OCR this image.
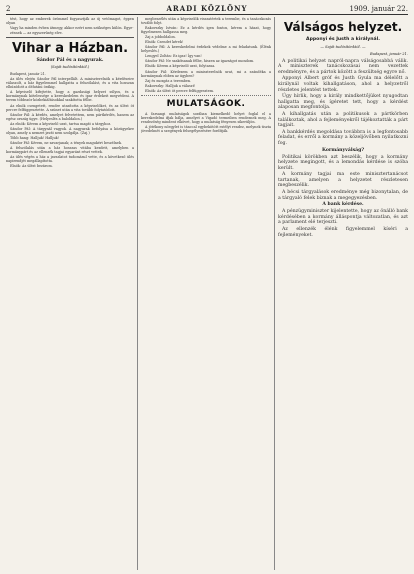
2	ARADI KÖZLÖNY	1909. január 22.
tést, hogy az emberek örömmel fogyasztják az új vetőmagot, éppen olyan
Vagy ha minden évben átmegy, akkor ezért nem szükséges külön. Egye-
zésnek — az egyszerűség elve.
Vihar a Házban.
Sándor Pál és a nagyurak.
(Saját tudósítónktól.)
Budapest, január 21.
Az ülés elején Sándor Pál interpellált. A miniszterelnök a kérdéseire válaszolt, a ház figyelemmel hallgatta a felszólalást, és a vita hosszan elhúzódott a délutáni órákig.
A képviselő kifejtette, hogy a gazdasági helyzet súlyos, és a kormánynak kötelessége a kereskedelem és ipar érdekeit megvédeni. A terem többször közbekiáltásokkal szakította félbe.
Az elnök csengetett, rendre utasította a képviselőket, és az ülést öt percre felfüggesztette. A szünet után a vita tovább folytatódott.
Sándor Pál: A kérdés, amelyet felvetettem, nem pártkérdés, hanem az egész ország ügye. (Helyeslés a baloldalon.)
Az elnök: Kérem a képviselő urat, tartsa magát a tárgyhoz.
Sándor Pál: A tárgynál vagyok. A nagyurak befolyása a közügyekre olyan, amely a nemzet javát nem szolgálja. (Zaj.)
Több hang: Halljuk! Halljuk!
Sándor Pál: Kérem, ne zavarjanak; a tények magukért beszélnek.
A felszólalás után a ház hosszas vitába kezdett, amelyben a kormánypárt és az ellenzék tagjai egyaránt részt vettek.
Az ülés végén a ház a javaslatot tudomásul vette, és a következő ülés napirendjét megállapította.
Elnök: Az ülést bezárom.
megbeszélés után a képviselők visszatértek a terembe, és a tanácskozás tovább folyt.
Rakovszky István: Ez a kérdés igen fontos, kérem a házat, hogy figyelmesen hallgassa meg.
Zaj a jobboldalon.
Elnök: Csendet kérek!
Sándor Pál: A kereskedelmi érdekek védelme a mi feladatunk. (Élénk helyeslés.)
Lengyel Zoltán: Ez igaz! Így van!
Sándor Pál: Ne szakítsanak félbe, hiszen az igazságot mondom.
Elnök: Kérem a képviselő urat, folytassa.
Sándor Pál: Kérdezem a miniszterelnök urat, mi a szándéka a kormánynak ebben az ügyben?
Zaj és mozgás a teremben.
Rakovszky: Halljuk a választ!
Elnök: Az ülést öt percre felfüggesztem.
MULATSÁGOK.
A farsangi mulatságok sorában kiemelkedő helyet foglal el a kereskedelmi ifjak bálja, amelyet a Vigadó termeiben rendeznek meg. A rendezőség mindent elkövet, hogy a mulatság fényesen sikerüljön.
A jótékony nőegylet is tánccal egybekötött estélyt rendez, melynek tiszta jövedelmét a szegények felsegélyezésére fordítják.
Válságos helyzet.
Apponyi és Justh a királynál.
— Saját tudósítónktól. —
Budapest, január 21.
A politikai helyzet napról-napra válságosabbá válik. A miniszterek tanácskozásai nem vezettek eredményre, és a pártok között a feszültség egyre nő.
Apponyi Albert gróf és Justh Gyula ma délelőtt a királynál voltak kihallgatáson, ahol a helyzetről részletes jelentést tettek.
Úgy hírlik, hogy a király mindkettőjüket nyugodtan hallgatta meg, és ígéretet tett, hogy a kérdést alaposan megfontolja.
A kihallgatás után a politikusok a pártkörben találkoztak, ahol a fejleményekről tájékoztatták a párt tagjait.
A bankkérdés megoldása továbbra is a legfontosabb feladat, és erről a kormány a közeljövőben nyilatkozni fog.
Kormányválság?
Politikai körökben azt beszélik, hogy a kormány helyzete megingott, és a lemondás kérdése is szóba került.
A kormány tagjai ma este minisztertanácsot tartanak, amelyen a helyzetet részletesen megbeszélik.
A bécsi tárgyalások eredménye még bizonytalan, de a tárgyaló felek bíznak a megegyezésben.
A bank kérdése.
A pénzügyminiszter kijelentette, hogy az önálló bank kérdésében a kormány álláspontja változatlan, és azt a parlament elé terjeszti.
Az ellenzék élénk figyelemmel kíséri a fejleményeket.
